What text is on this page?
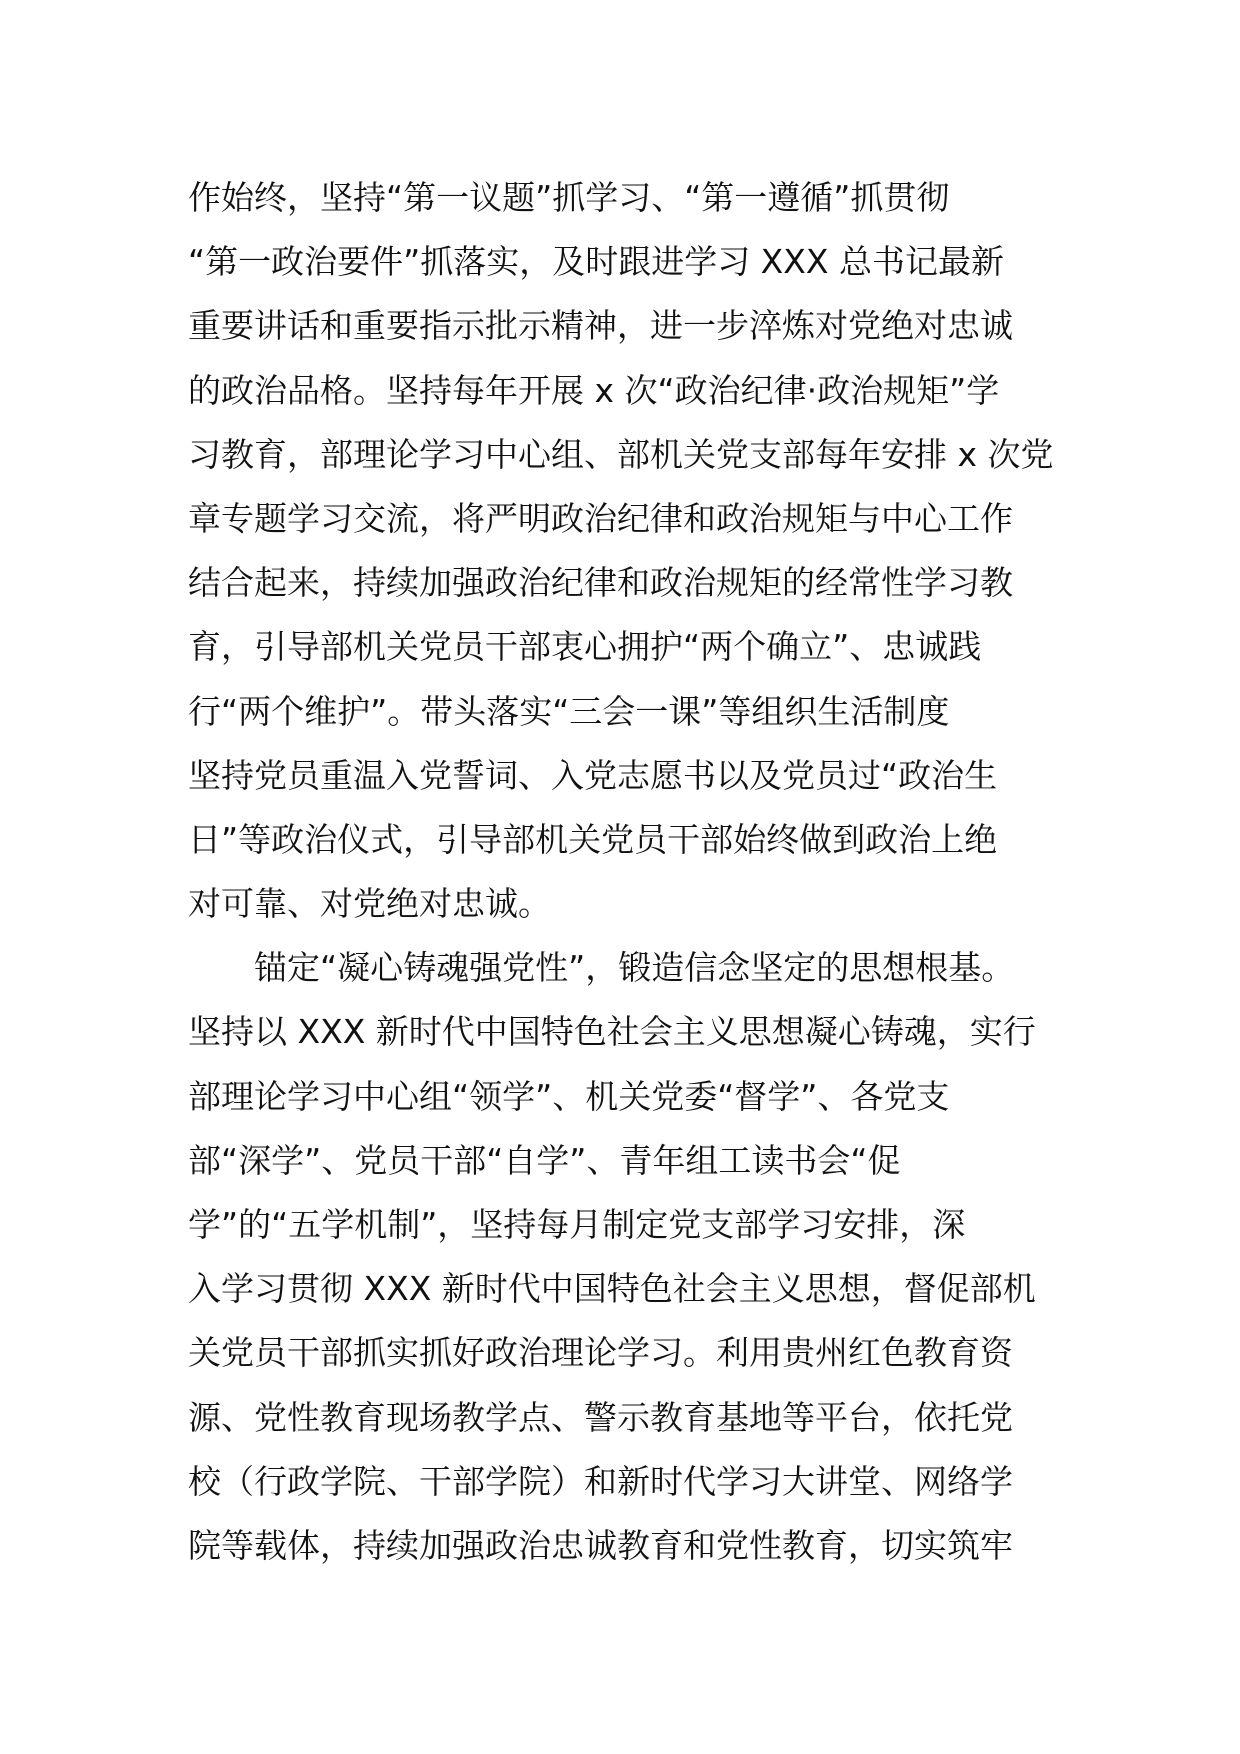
作始终，坚持“第一议题”抓学习、“第一遵循”抓贯彻
“第一政治要件”抓落实，及时跟进学习 XXX 总书记最新
重要讲话和重要指示批示精神，进一步淬炼对党绝对忠诚
的政治品格。坚持每年开展 x 次“政治纪律·政治规矩”学
习教育，部理论学习中心组、部机关党支部每年安排 x 次党
章专题学习交流，将严明政治纪律和政治规矩与中心工作
结合起来，持续加强政治纪律和政治规矩的经常性学习教
育，引导部机关党员干部衷心拥护“两个确立”、忠诚践
行“两个维护”。带头落实“三会一课”等组织生活制度
坚持党员重温入党誓词、入党志愿书以及党员过“政治生
日”等政治仪式，引导部机关党员干部始终做到政治上绝
对可靠、对党绝对忠诚。
锚定“凝心铸魂强党性”，锻造信念坚定的思想根基。
坚持以 XXX 新时代中国特色社会主义思想凝心铸魂，实行
部理论学习中心组“领学”、机关党委“督学”、各党支
部“深学”、党员干部“自学”、青年组工读书会“促
学”的“五学机制”，坚持每月制定党支部学习安排，深
入学习贯彻 XXX 新时代中国特色社会主义思想，督促部机
关党员干部抓实抓好政治理论学习。利用贵州红色教育资
源、党性教育现场教学点、警示教育基地等平台，依托党
校（行政学院、干部学院）和新时代学习大讲堂、网络学
院等载体，持续加强政治忠诚教育和党性教育，切实筑牢
